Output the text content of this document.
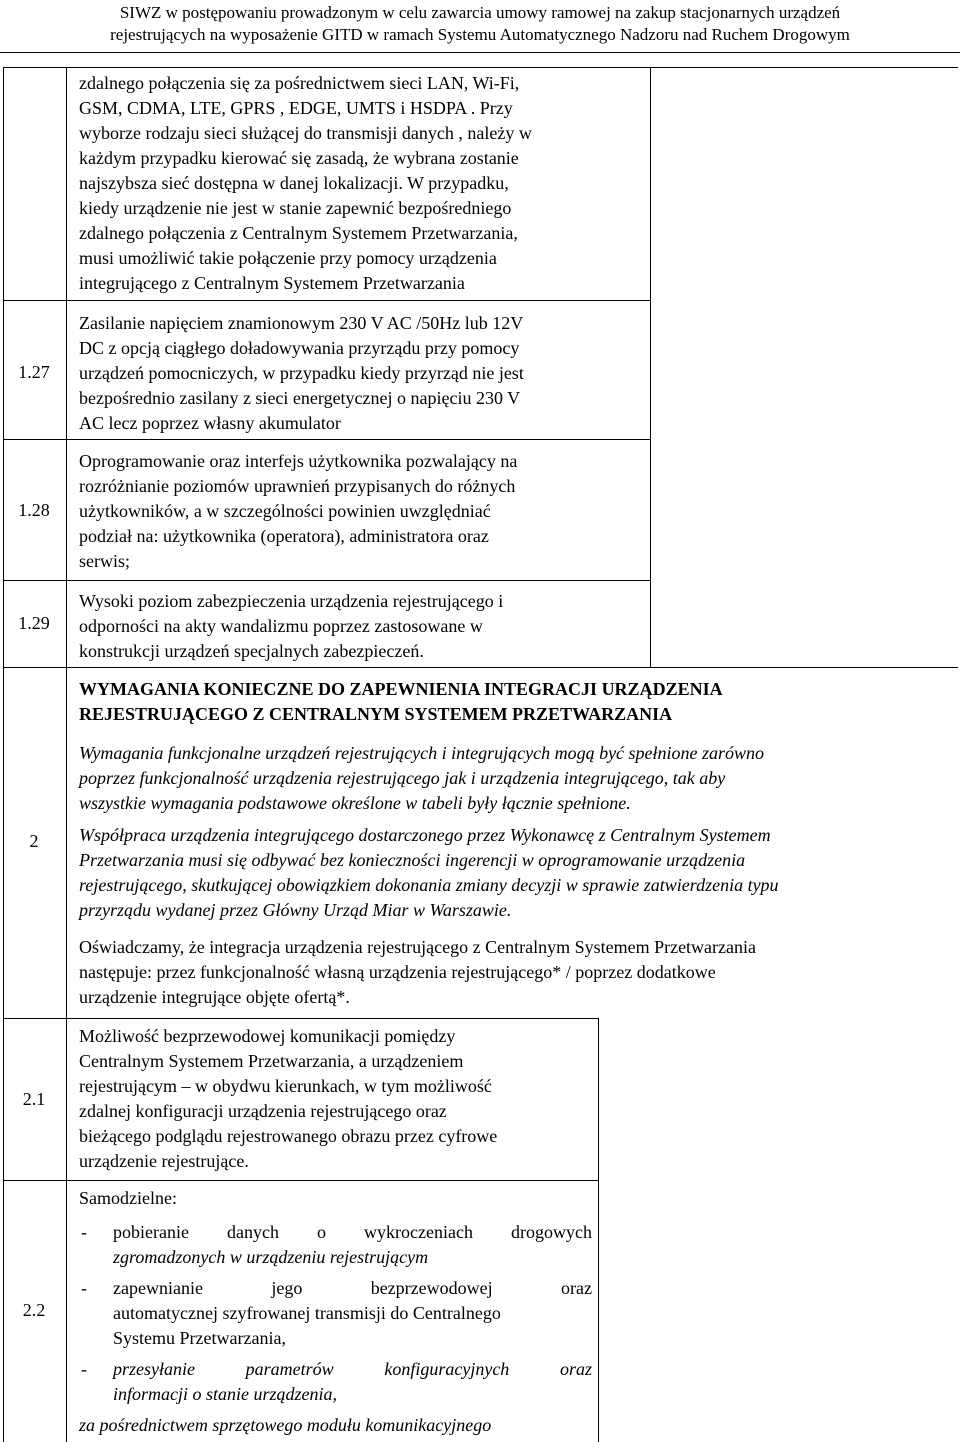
SIWZ w postępowaniu prowadzonym w celu zawarcia umowy ramowej na zakup stacjonarnych urządzeń
rejestrujących na wyposażenie GITD w ramach Systemu Automatycznego Nadzoru nad Ruchem Drogowym

zdalnego połączenia się za pośrednictwem sieci LAN, Wi-Fi,

GSM, CDMA, LTE, GPRS , EDGE, UMTS i HSDPA . Przy

wyborze rodzaju sieci służącej do transmisji danych , należy w

każdym przypadku kierować się zasadą, że wybrana zostanie

najszybsza sieć dostępna w danej lokalizacji. W przypadku,

kiedy urządzenie nie jest w stanie zapewnić bezpośredniego

zdalnego połączenia z Centralnym Systemem Przetwarzania,

musi umożliwić takie połączenie przy pomocy urządzenia

integrującego z Centralnym Systemem Przetwarzania

1.27

Zasilanie napięciem znamionowym 230 V AC /50Hz lub 12V

DC z opcją ciągłego doładowywania przyrządu przy pomocy

urządzeń pomocniczych, w przypadku kiedy przyrząd nie jest

bezpośrednio zasilany z sieci energetycznej o napięciu 230 V

AC lecz poprzez własny akumulator

1.28

Oprogramowanie oraz interfejs użytkownika pozwalający na

rozróżnianie poziomów uprawnień przypisanych do różnych

użytkowników, a w szczególności powinien uwzględniać

podział na: użytkownika (operatora), administratora oraz

serwis;

1.29

Wysoki poziom zabezpieczenia urządzenia rejestrującego i

odporności na akty wandalizmu poprzez zastosowane w

konstrukcji urządzeń specjalnych zabezpieczeń.

2

WYMAGANIA KONIECZNE DO ZAPEWNIENIA INTEGRACJI URZĄDZENIA

REJESTRUJĄCEGO Z CENTRALNYM SYSTEMEM PRZETWARZANIA

Wymagania funkcjonalne urządzeń rejestrujących i integrujących mogą być spełnione zarówno

poprzez funkcjonalność urządzenia rejestrującego jak i urządzenia integrującego, tak aby

wszystkie wymagania podstawowe określone w tabeli były łącznie spełnione.

Współpraca urządzenia integrującego dostarczonego przez Wykonawcę z Centralnym Systemem

Przetwarzania musi się odbywać bez konieczności ingerencji w oprogramowanie urządzenia

rejestrującego, skutkującej obowiązkiem dokonania zmiany decyzji w sprawie zatwierdzenia typu

przyrządu wydanej przez Główny Urząd Miar w Warszawie.

Oświadczamy, że integracja urządzenia rejestrującego z Centralnym Systemem Przetwarzania

następuje: przez funkcjonalność własną urządzenia rejestrującego* / poprzez dodatkowe

urządzenie integrujące objęte ofertą*.

2.1

Możliwość bezprzewodowej komunikacji pomiędzy

Centralnym Systemem Przetwarzania, a urządzeniem

rejestrującym – w obydwu kierunkach, w tym możliwość

zdalnej konfiguracji urządzenia rejestrującego oraz

bieżącego podglądu rejestrowanego obrazu przez cyfrowe

urządzenie rejestrujące.

2.2

Samodzielne:

- pobieranie danych o wykroczeniach drogowych

zgromadzonych w urządzeniu rejestrującym

- zapewnianie jego bezprzewodowej oraz

automatycznej szyfrowanej transmisji do Centralnego

Systemu Przetwarzania,

- przesyłanie parametrów konfiguracyjnych oraz

informacji o stanie urządzenia,

za pośrednictwem sprzętowego modułu komunikacyjnego
